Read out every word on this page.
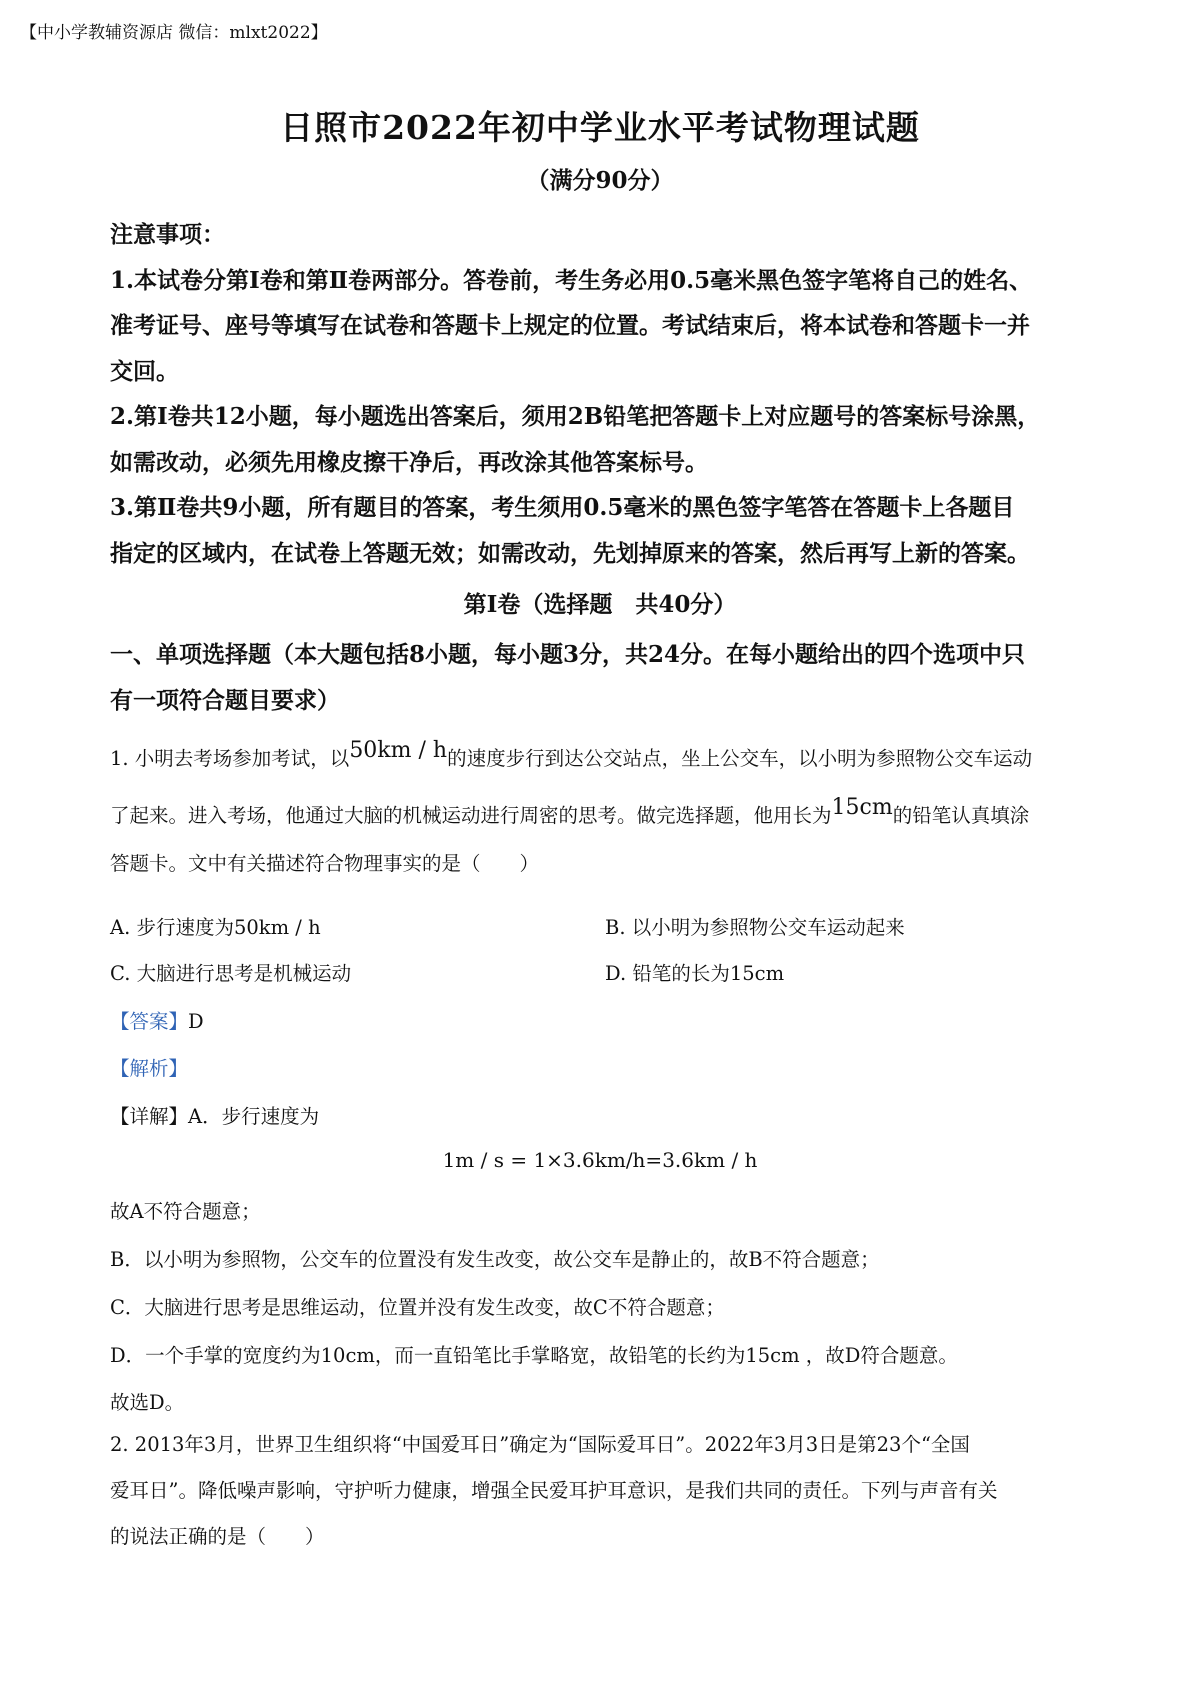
【中小学教辅资源店 微信：mlxt2022】
日照市2022年初中学业水平考试物理试题
（满分90分）

注意事项：

1.本试卷分第Ⅰ卷和第Ⅱ卷两部分。答卷前，考生务必用0.5毫米黑色签字笔将自己的姓名、

准考证号、座号等填写在试卷和答题卡上规定的位置。考试结束后，将本试卷和答题卡一并

交回。

2.第Ⅰ卷共12小题，每小题选出答案后，须用2B铅笔把答题卡上对应题号的答案标号涂黑，

如需改动，必须先用橡皮擦干净后，再改涂其他答案标号。

3.第Ⅱ卷共9小题，所有题目的答案，考生须用0.5毫米的黑色签字笔答在答题卡上各题目

指定的区域内，在试卷上答题无效；如需改动，先划掉原来的答案，然后再写上新的答案。

第Ⅰ卷（选择题　共40分）
一、单项选择题（本大题包括8小题，每小题3分，共24分。在每小题给出的四个选项中只
有一项符合题目要求）
1. 小明去考场参加考试，以50km / h的速度步行到达公交站点，坐上公交车，以小明为参照物公交车运动
了起来。进入考场，他通过大脑的机械运动进行周密的思考。做完选择题，他用长为15cm的铅笔认真填涂
答题卡。文中有关描述符合物理事实的是（　　）
A. 步行速度为50km / h	B. 以小明为参照物公交车运动起来
C. 大脑进行思考是机械运动	D. 铅笔的长为15cm
【答案】D
【解析】
【详解】A．步行速度为
1m / s = 1×3.6km/h=3.6km / h
故A不符合题意；
B．以小明为参照物，公交车的位置没有发生改变，故公交车是静止的，故B不符合题意；
C．大脑进行思考是思维运动，位置并没有发生改变，故C不符合题意；
D．一个手掌的宽度约为10cm，而一直铅笔比手掌略宽，故铅笔的长约为15cm ，故D符合题意。
故选D。

2. 2013年3月，世界卫生组织将“中国爱耳日”确定为“国际爱耳日”。2022年3月3日是第23个“全国

爱耳日”。降低噪声影响，守护听力健康，增强全民爱耳护耳意识，是我们共同的责任。下列与声音有关

的说法正确的是（　　）
